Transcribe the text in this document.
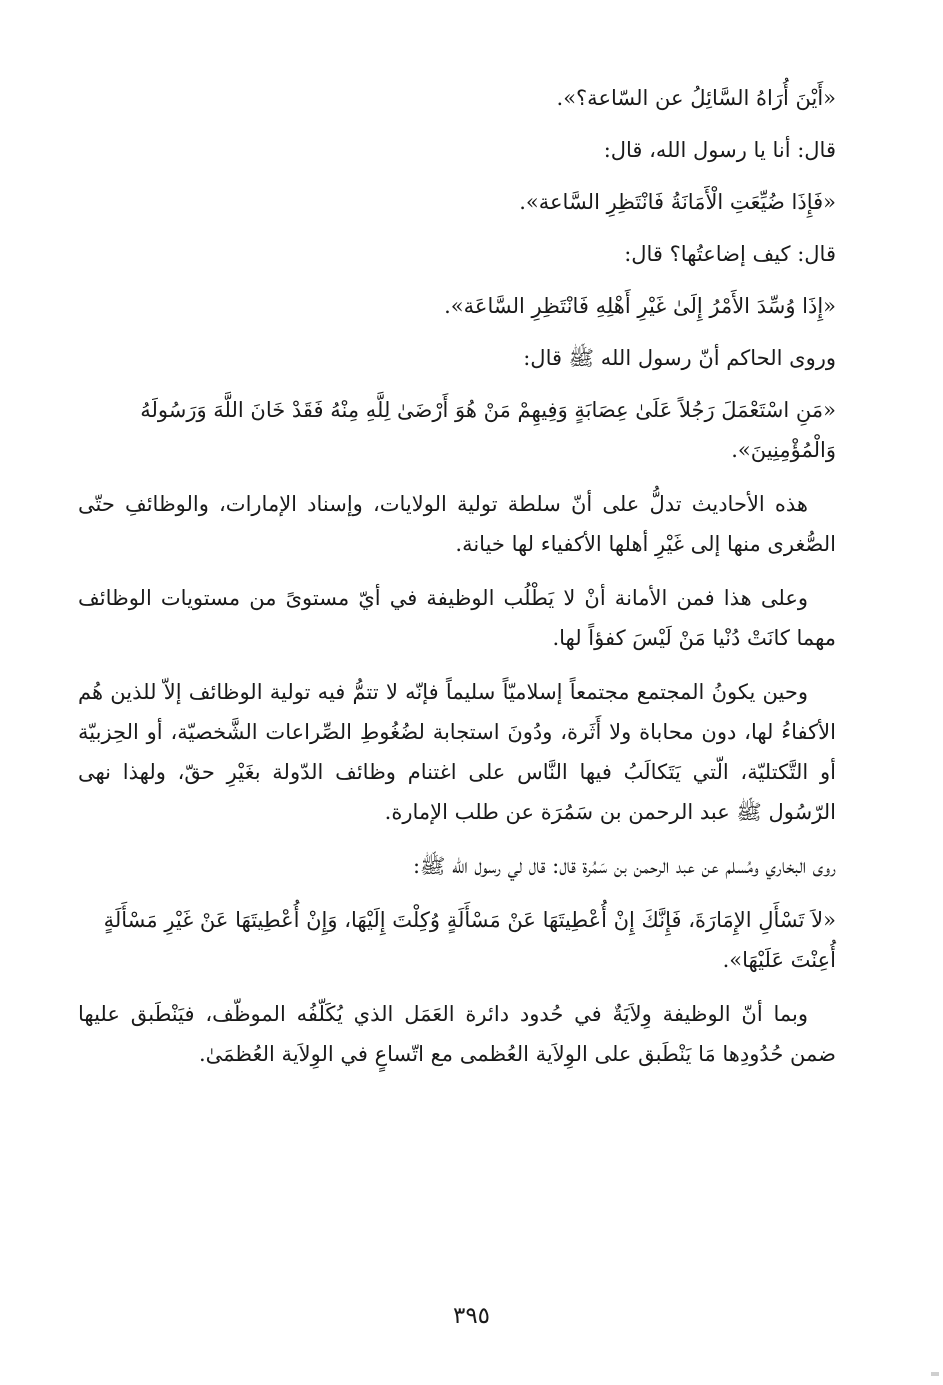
«أَيْنَ أُرَاهُ السَّائِلُ عن السّاعة؟».
قال: أنا يا رسول الله، قال:
«فَإِذَا ضُيِّعَتِ الْأَمَانَةُ فَانْتَظِرِ السَّاعة».
قال: كيف إضاعتُها؟ قال:
«إِذَا وُسِّدَ الأَمْرُ إِلَىٰ غَيْرِ أَهْلِهِ فَانْتَظِرِ السَّاعَة».
وروى الحاكم أنّ رسول الله ﷺ قال:
«مَنِ اسْتَعْمَلَ رَجُلاً عَلَىٰ عِصَابَةٍ وَفِيهِمْ مَنْ هُوَ أَرْضَىٰ لِلَّهِ مِنْهُ فَقَدْ خَانَ اللَّهَ وَرَسُولَهُ وَالْمُؤْمِنِينَ».
هذه الأحاديث تدلُّ على أنّ سلطة تولية الولايات، وإسناد الإمارات، والوظائفِ حتّى الصُّغرى منها إلى غَيْرِ أهلها الأكفياء لها خيانة.
وعلى هذا فمن الأمانة أنْ لا يَطْلُب الوظيفة في أيّ مستوىً من مستويات الوظائف مهما كانَتْ دُنْيا مَنْ لَيْسَ كفؤاً لها.
وحين يكونُ المجتمع مجتمعاً إسلاميّاً سليماً فإنّه لا تتمُّ فيه تولية الوظائف إلاّ للذين هُم الأكفاءُ لها، دون محاباة ولا أَثَرة، ودُونَ استجابة لضُغُوطِ الصِّراعات الشَّخصيّة، أو الحِزبيّة أو التَّكتليّة، الّتي يَتَكالَبُ فيها النَّاس على اغتنام وظائف الدّولة بغَيْرِ حقّ، ولهذا نهى الرّسُول ﷺ عبد الرحمن بن سَمُرَة عن طلب الإمارة.
روى البخاري ومُسلم عن عبد الرحمن بن سَمُرة قال: قال لي رسول الله ﷺ:
«لاَ تَسْأَلِ الإِمَارَةَ، فَإِنَّكَ إِنْ أُعْطِيتَهَا عَنْ مَسْأَلَةٍ وُكِلْتَ إِلَيْهَا، وَإِنْ أُعْطِيتَهَا عَنْ غَيْرِ مَسْأَلَةٍ أُعِنْتَ عَلَيْهَا».
وبما أنّ الوظيفة وِلاَيَةٌ في حُدود دائرة العَمَل الذي يُكَلّفُه الموظّف، فيَنْطَبق عليها ضمن حُدُودِها مَا يَنْطَبق على الوِلاَية العُظمى مع اتّساعٍ في الوِلاَية العُظمَىٰ.
٣٩٥
